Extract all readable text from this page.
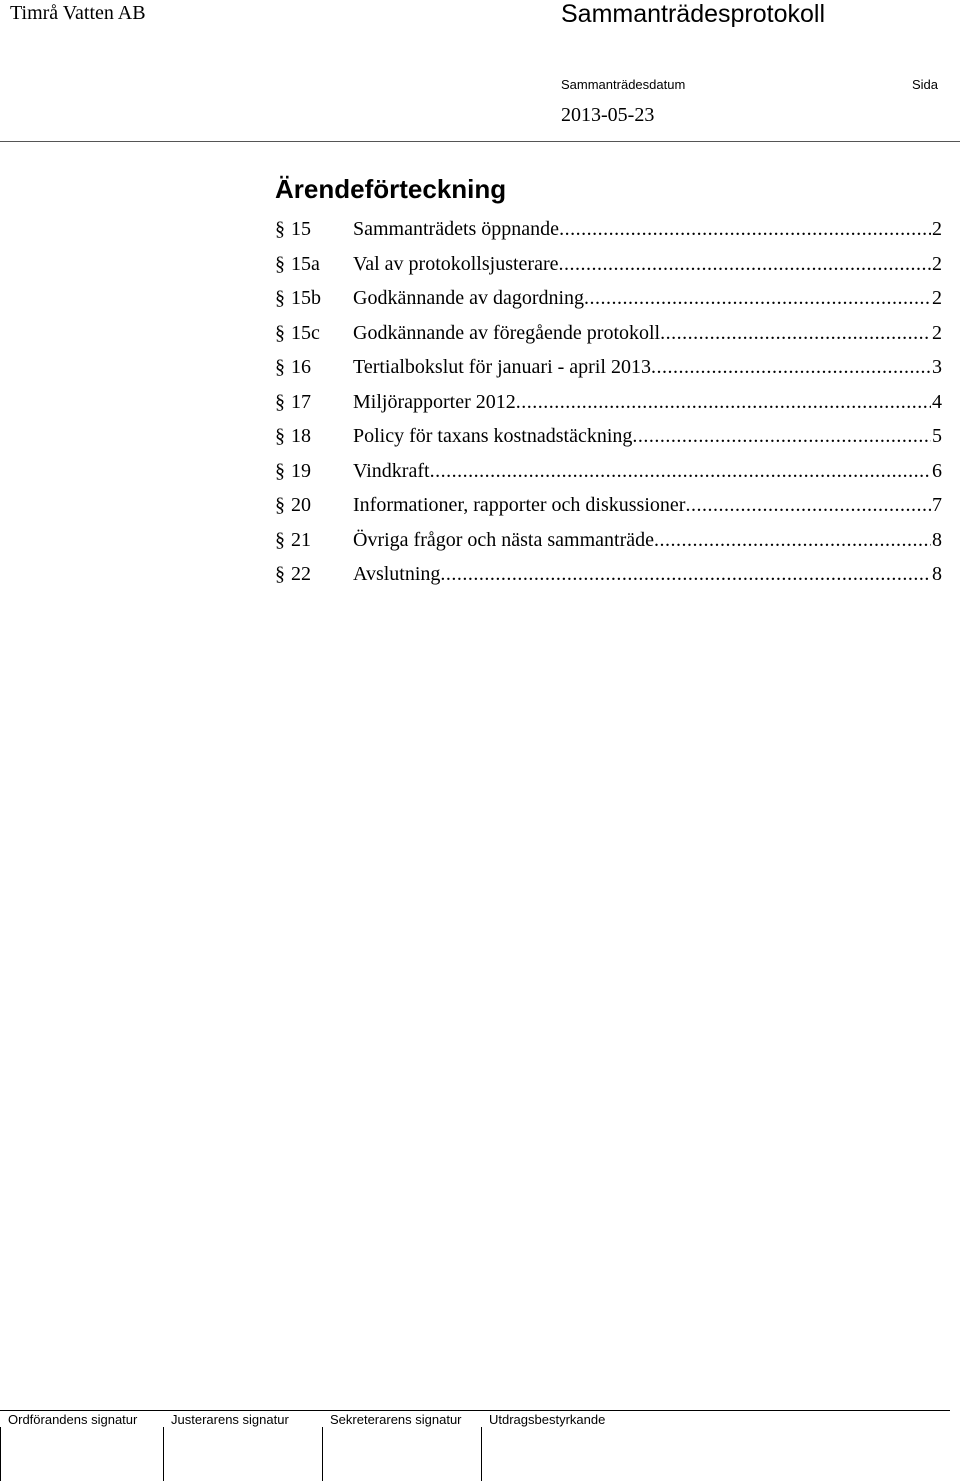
Timrå Vatten AB	Sammanträdesprotokoll
Sammanträdesdatum	Sida
2013-05-23
Ärendeförteckning
§ 15 Sammanträdets öppnande .....	2
§ 15a Val av protokollsjusterare .....	2
§ 15b Godkännande av dagordning .....	2
§ 15c Godkännande av föregående protokoll .....	2
§ 16 Tertialbokslut för januari - april 2013 .....	3
§ 17 Miljörapporter 2012 .....	4
§ 18 Policy för taxans kostnadstäckning .....	5
§ 19 Vindkraft .....	6
§ 20 Informationer, rapporter och diskussioner .....	7
§ 21 Övriga frågor och nästa sammanträde .....	8
§ 22 Avslutning .....	8
Ordförandens signatur	Justerarens signatur	Sekreterarens signatur Utdragsbestyrkande
